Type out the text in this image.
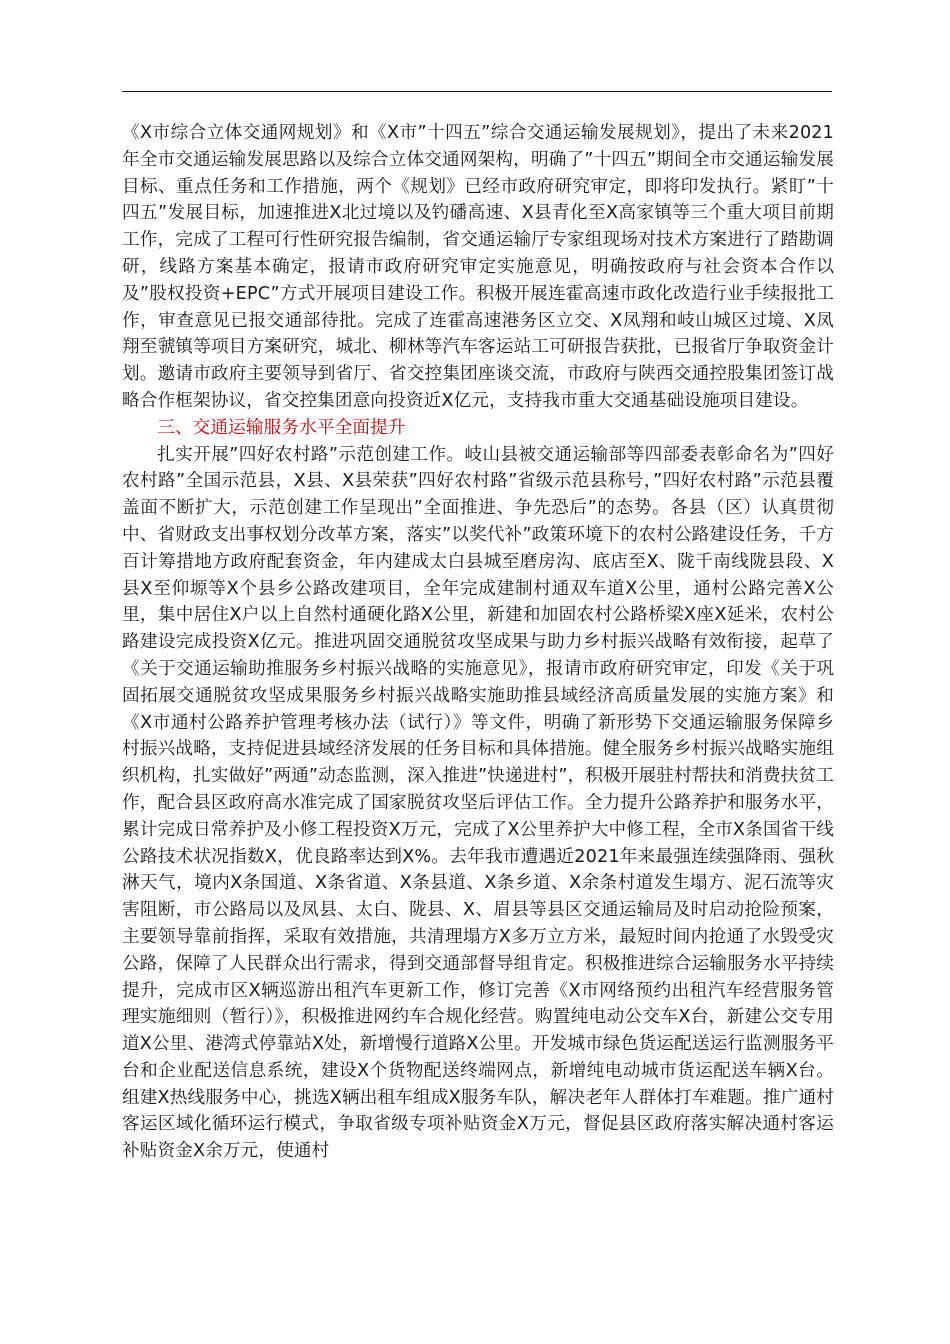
《X市综合立体交通网规划》和《X市”十四五”综合交通运输发展规划》，提出了未来2021年全市交通运输发展思路以及综合立体交通网架构，明确了”十四五”期间全市交通运输发展目标、重点任务和工作措施，两个《规划》已经市政府研究审定，即将印发执行。紧盯”十四五”发展目标，加速推进X北过境以及钓磻高速、X县青化至X高家镇等三个重大项目前期工作，完成了工程可行性研究报告编制，省交通运输厅专家组现场对技术方案进行了踏勘调研，线路方案基本确定，报请市政府研究审定实施意见，明确按政府与社会资本合作以及”股权投资+EPC”方式开展项目建设工作。积极开展连霍高速市政化改造行业手续报批工作，审查意见已报交通部待批。完成了连霍高速港务区立交、X凤翔和岐山城区过境、X凤翔至虢镇等项目方案研究，城北、柳林等汽车客运站工可研报告获批，已报省厅争取资金计划。邀请市政府主要领导到省厅、省交控集团座谈交流，市政府与陕西交通控股集团签订战略合作框架协议，省交控集团意向投资近X亿元，支持我市重大交通基础设施项目建设。

三、交通运输服务水平全面提升

扎实开展”四好农村路”示范创建工作。岐山县被交通运输部等四部委表彰命名为”四好农村路”全国示范县，X县、X县荣获”四好农村路”省级示范县称号，”四好农村路”示范县覆盖面不断扩大，示范创建工作呈现出”全面推进、争先恐后”的态势。各县（区）认真贯彻中、省财政支出事权划分改革方案，落实”以奖代补”政策环境下的农村公路建设任务，千方百计筹措地方政府配套资金，年内建成太白县城至磨房沟、底店至X、陇千南线陇县段、X县X至仰塬等X个县乡公路改建项目，全年完成建制村通双车道X公里，通村公路完善X公里，集中居住X户以上自然村通硬化路X公里，新建和加固农村公路桥梁X座X延米，农村公路建设完成投资X亿元。推进巩固交通脱贫攻坚成果与助力乡村振兴战略有效衔接，起草了《关于交通运输助推服务乡村振兴战略的实施意见》，报请市政府研究审定，印发《关于巩固拓展交通脱贫攻坚成果服务乡村振兴战略实施助推县域经济高质量发展的实施方案》和《X市通村公路养护管理考核办法（试行）》等文件，明确了新形势下交通运输服务保障乡村振兴战略，支持促进县域经济发展的任务目标和具体措施。健全服务乡村振兴战略实施组织机构，扎实做好”两通”动态监测，深入推进”快递进村”，积极开展驻村帮扶和消费扶贫工作，配合县区政府高水准完成了国家脱贫攻坚后评估工作。全力提升公路养护和服务水平，累计完成日常养护及小修工程投资X万元，完成了X公里养护大中修工程，全市X条国省干线公路技术状况指数X，优良路率达到X%。去年我市遭遇近2021年来最强连续强降雨、强秋淋天气，境内X条国道、X条省道、X条县道、X条乡道、X余条村道发生塌方、泥石流等灾害阻断，市公路局以及凤县、太白、陇县、X、眉县等县区交通运输局及时启动抢险预案，主要领导靠前指挥，采取有效措施，共清理塌方X多万立方米，最短时间内抢通了水毁受灾公路，保障了人民群众出行需求，得到交通部督导组肯定。积极推进综合运输服务水平持续提升，完成市区X辆巡游出租汽车更新工作，修订完善《X市网络预约出租汽车经营服务管理实施细则（暂行）》，积极推进网约车合规化经营。购置纯电动公交车X台，新建公交专用道X公里、港湾式停靠站X处，新增慢行道路X公里。开发城市绿色货运配送运行监测服务平台和企业配送信息系统，建设X个货物配送终端网点，新增纯电动城市货运配送车辆X台。组建X热线服务中心，挑选X辆出租车组成X服务车队，解决老年人群体打车难题。推广通村客运区域化循环运行模式，争取省级专项补贴资金X万元，督促县区政府落实解决通村客运补贴资金X余万元，使通村
